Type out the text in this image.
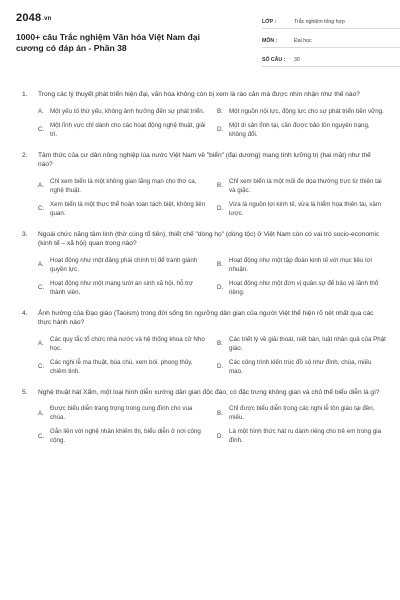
2048.vn
1000+ câu Trắc nghiệm Văn hóa Việt Nam đại cương có đáp án - Phần 38
LỚP :	Trắc nghiệm tổng hợp
MÔN :	Đại học
SỐ CÂU :	30
1.	Trong các lý thuyết phát triển hiện đại, văn hóa không còn bị xem là rào cản mà được nhìn nhận như thế nào?
A. Một yếu tố thứ yếu, không ảnh hưởng đến sự phát triển. B. Một nguồn nội lực, động lực cho sự phát triển bền vững.
C.
Một lĩnh vực chỉ dành cho các hoạt động nghệ thuật, giải trí.
D.
Một di sản tĩnh tại, cần được bảo tồn nguyên trạng, không đổi.
2.	Tâm thức của cư dân nông nghiệp lúa nước Việt Nam về "biển" (đại dương) mang tính lưỡng trị (hai mặt) như thế nào?
A.
Chỉ xem biển là một không gian lãng mạn cho thơ ca, nghệ thuật.
B.
Chỉ xem biển là một mối đe dọa thường trực từ thiên tai và giặc.
C.
Xem biển là một thực thể hoàn toàn tách biệt, không liên quan.
D.
Vừa là nguồn lợi kinh tế, vừa là hiểm họa thiên tai, xâm lược.
3.	Ngoài chức năng tâm linh (thờ cúng tổ tiên), thiết chế "dòng họ" (dòng tộc) ở Việt Nam còn có vai trò socio-economic (kinh tế – xã hội) quan trọng nào?
A.
Hoạt động như một đảng phái chính trị để tranh giành quyền lực.
B.
Hoạt động như một tập đoàn kinh tế với mục tiêu lợi nhuận.
C.
Hoạt động như một mạng lưới an sinh xã hội, hỗ trợ thành viên.
D.
Hoạt động như một đơn vị quân sự để bảo vệ lãnh thổ riêng.
4.	Ảnh hưởng của Đạo giáo (Taoism) trong đời sống tín ngưỡng dân gian của người Việt thể hiện rõ nét nhất qua các thực hành nào?
A.
Các quy tắc tổ chức nhà nước và hệ thống khoa cử Nho học.
B.
Các triết lý về giải thoát, niết bàn, luật nhân quả của Phật giáo.
C.
Các nghi lễ ma thuật, bùa chú, xem bói, phong thủy, chiêm tinh.
D.
Các công trình kiến trúc đồ sộ như đình, chùa, miếu mạo.
5.	Nghệ thuật hát Xẩm, một loại hình diễn xướng dân gian độc đáo, có đặc trưng không gian và chủ thể biểu diễn là gì?
A.
Được biểu diễn trang trọng trong cung đình cho vua chúa.
B.
Chỉ được biểu diễn trong các nghi lễ tôn giáo tại đền, miếu.
C.
Gắn liền với nghệ nhân khiếm thị, biểu diễn ở nơi công cộng.
D.
Là một hình thức hát ru dành riêng cho trẻ em trong gia đình.
